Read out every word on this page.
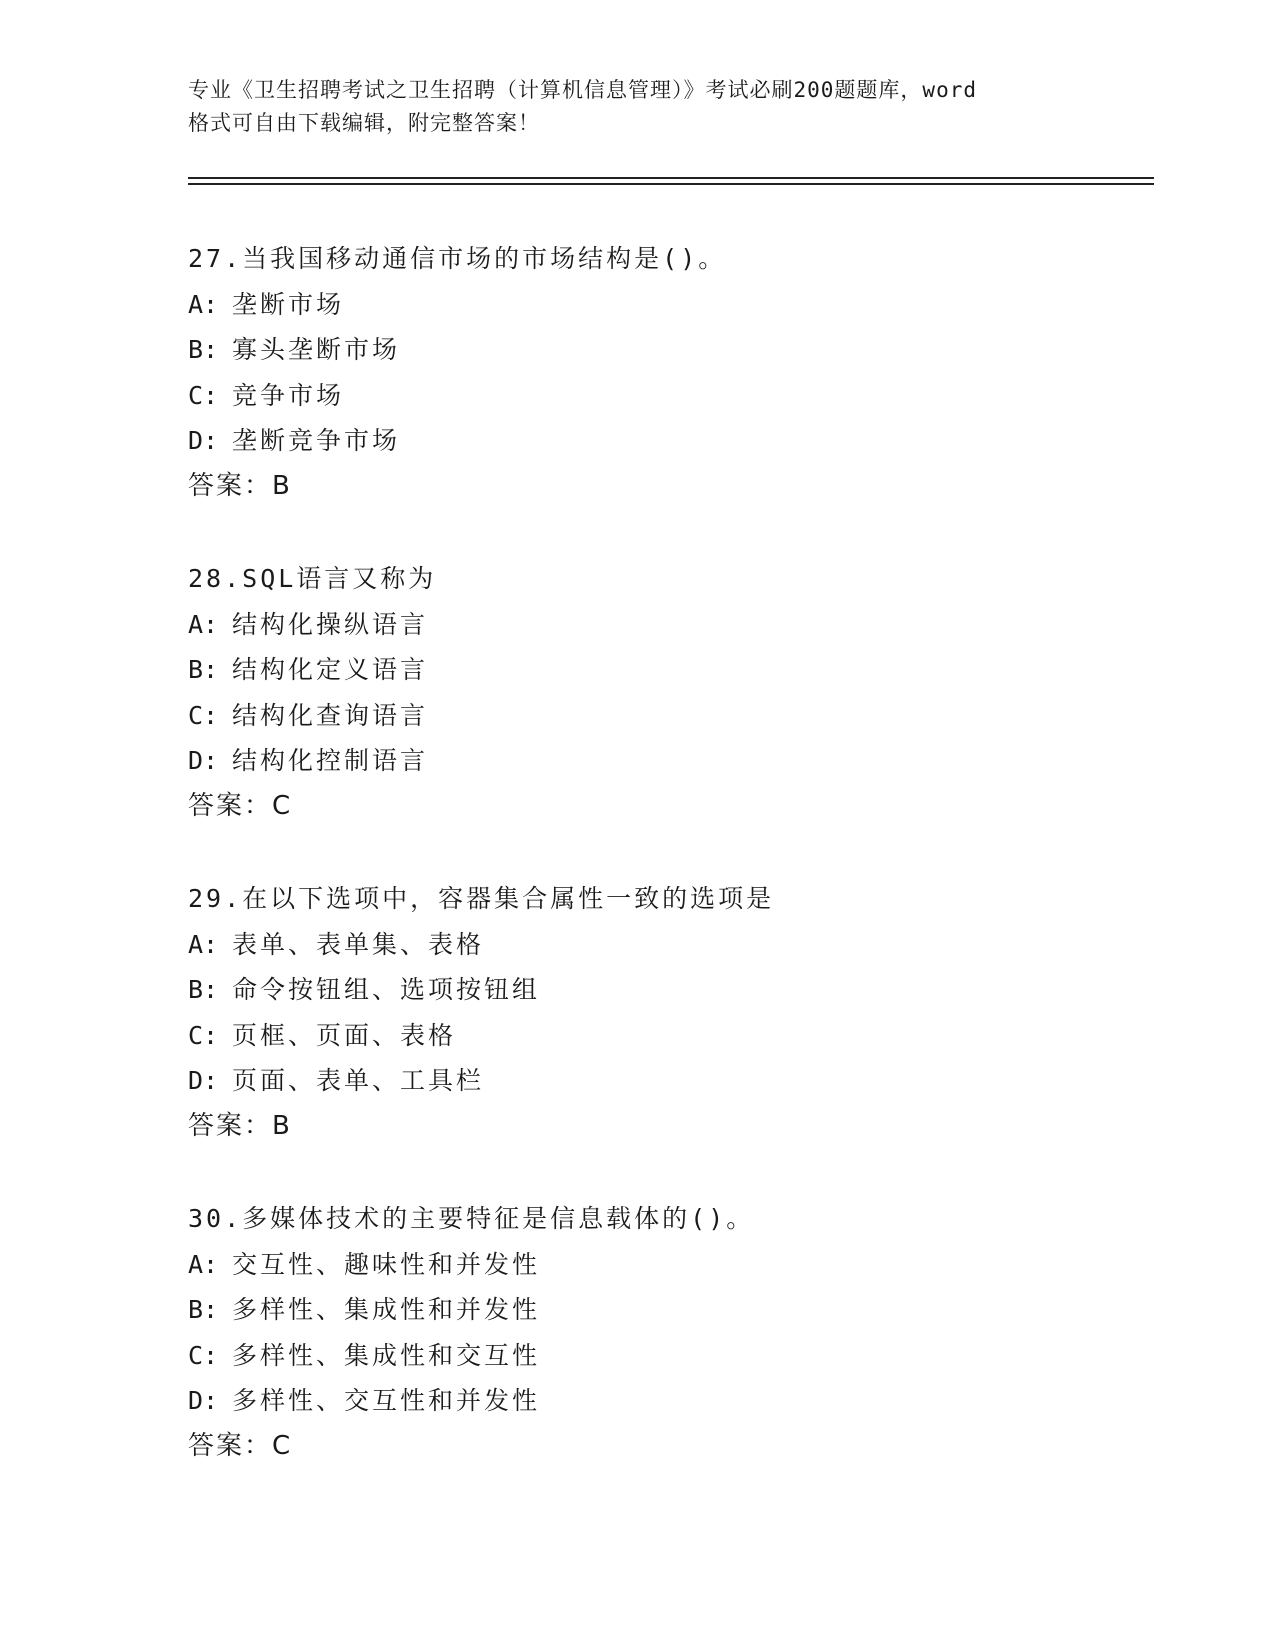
专业《卫生招聘考试之卫生招聘（计算机信息管理）》考试必刷200题题库，word
格式可自由下载编辑，附完整答案！
27.当我国移动通信市场的市场结构是()。
A: 垄断市场
B: 寡头垄断市场
C: 竞争市场
D: 垄断竞争市场
答案：B
28.SQL语言又称为
A: 结构化操纵语言
B: 结构化定义语言
C: 结构化查询语言
D: 结构化控制语言
答案：C
29.在以下选项中，容器集合属性一致的选项是
A: 表单、表单集、表格
B: 命令按钮组、选项按钮组
C: 页框、页面、表格
D: 页面、表单、工具栏
答案：B
30.多媒体技术的主要特征是信息载体的()。
A: 交互性、趣味性和并发性
B: 多样性、集成性和并发性
C: 多样性、集成性和交互性
D: 多样性、交互性和并发性
答案：C
